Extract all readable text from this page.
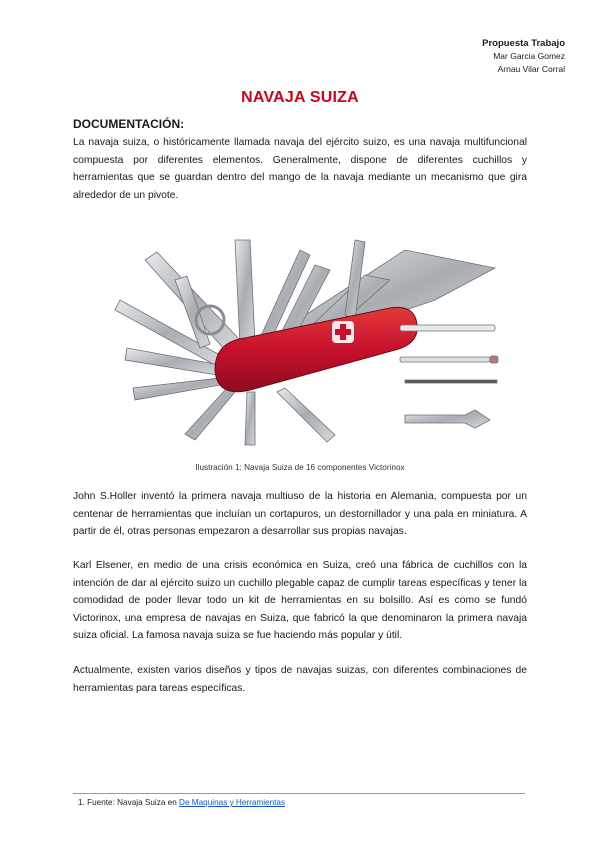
Propuesta Trabajo
Mar Garcia Gomez
Arnau Vilar Corral
NAVAJA SUIZA
DOCUMENTACIÓN:

La navaja suiza, o históricamente llamada navaja del ejército suizo, es una navaja multifuncional compuesta por diferentes elementos. Generalmente, dispone de diferentes cuchillos y herramientas que se guardan dentro del mango de la navaja mediante un mecanismo que gira alrededor de un pivote.

Ilustración 1: Navaja Suiza de 16 componentes Victorinox

John S.Holler inventó la primera navaja multiuso de la historia en Alemania, compuesta por un centenar de herramientas que incluían un cortapuros, un destornillador y una pala en miniatura. A partir de él, otras personas empezaron a desarrollar sus propias navajas.

Karl Elsener, en medio de una crisis económica en Suiza, creó una fábrica de cuchillos con la intención de dar al ejército suizo un cuchillo plegable capaz de cumplir tareas específicas y tener la comodidad de poder llevar todo un kit de herramientas en su bolsillo. Así es como se fundó Victorinox, una empresa de navajas en Suiza, que fabricó la que denominaron la primera navaja suiza oficial. La famosa navaja suiza se fue haciendo más popular y útil.

Actualmente, existen varios diseños y tipos de navajas suizas, con diferentes combinaciones de herramientas para tareas específicas.

1. Fuente: Navaja Suiza en De Maquinas y Herramientas
